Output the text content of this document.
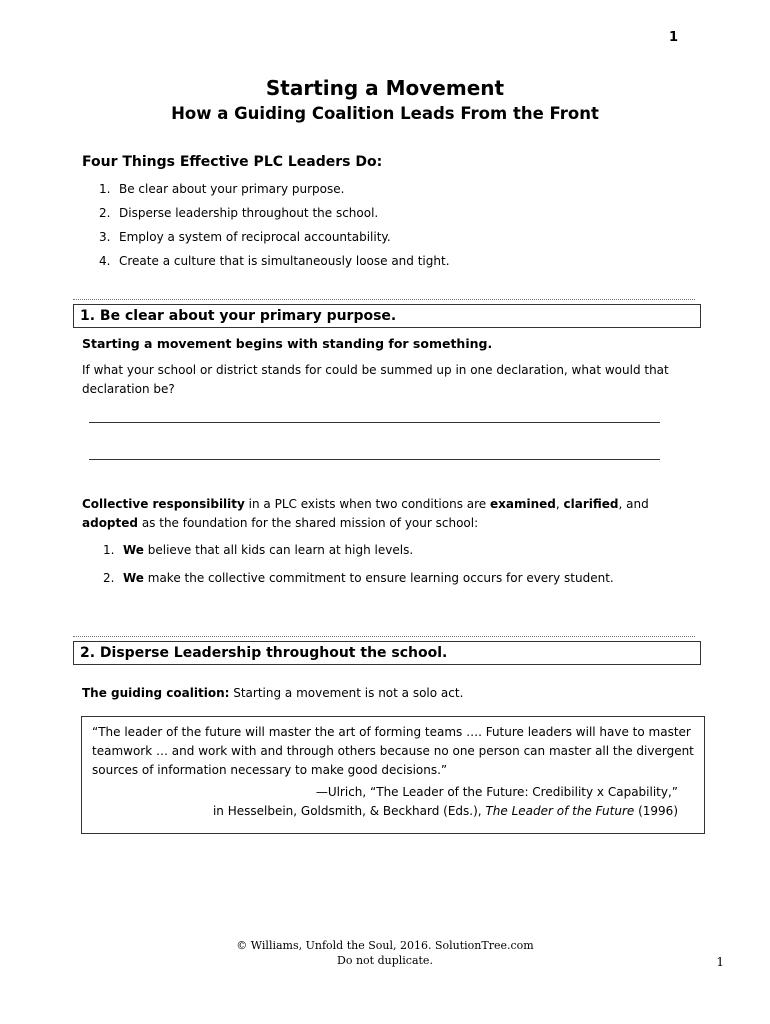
1
Starting a Movement
How a Guiding Coalition Leads From the Front
Four Things Effective PLC Leaders Do:
1. Be clear about your primary purpose.
2. Disperse leadership throughout the school.
3. Employ a system of reciprocal accountability.
4. Create a culture that is simultaneously loose and tight.
1. Be clear about your primary purpose.
Starting a movement begins with standing for something.
If what your school or district stands for could be summed up in one declaration, what would that declaration be?
Collective responsibility in a PLC exists when two conditions are examined, clarified, and adopted as the foundation for the shared mission of your school:
1. We believe that all kids can learn at high levels.
2. We make the collective commitment to ensure learning occurs for every student.
2. Disperse Leadership throughout the school.
The guiding coalition: Starting a movement is not a solo act.
“The leader of the future will master the art of forming teams …. Future leaders will have to master teamwork … and work with and through others because no one person can master all the divergent sources of information necessary to make good decisions.”
—Ulrich, “The Leader of the Future: Credibility x Capability,”
in Hesselbein, Goldsmith, & Beckhard (Eds.), The Leader of the Future (1996)
© Williams, Unfold the Soul, 2016. SolutionTree.com
Do not duplicate.	1
